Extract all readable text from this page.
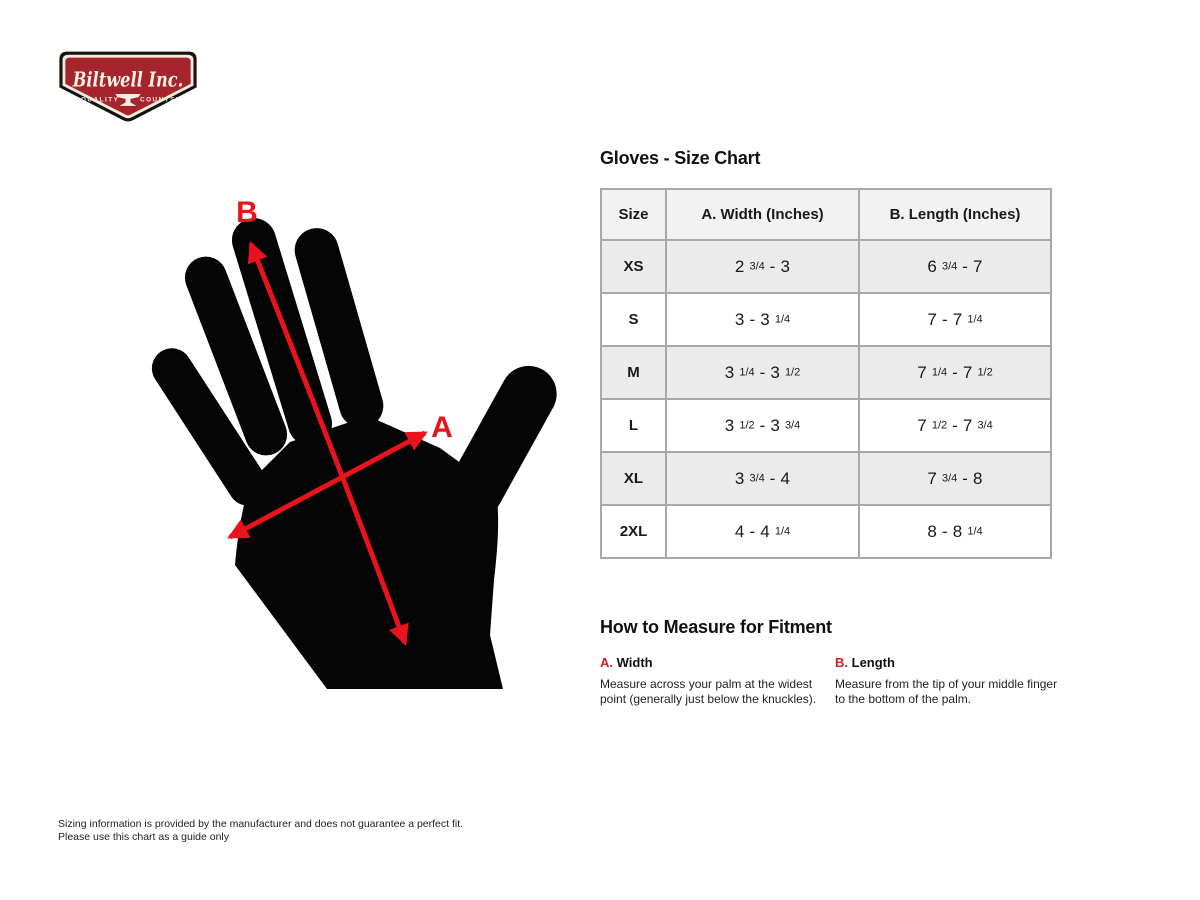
Biltwell Inc.
"QUALITY COUNTS"
B
A
Gloves - Size Chart
Size	A. Width (Inches)	B. Length (Inches)
XS	2 3/4 - 3	6 3/4 - 7
S	3 - 3 1/4	7 - 7 1/4
M	3 1/4 - 3 1/2	7 1/4 - 7 1/2
L	3 1/2 - 3 3/4	7 1/2 - 7 3/4
XL	3 3/4 - 4	7 3/4 - 8
2XL	4 - 4 1/4	8 - 8 1/4
How to Measure for Fitment
A. Width

Measure across your palm at the widest point (generally just below the knuckles).

B. Length

Measure from the tip of your middle finger to the bottom of the palm.

Sizing information is provided by the manufacturer and does not guarantee a perfect fit.
Please use this chart as a guide only
